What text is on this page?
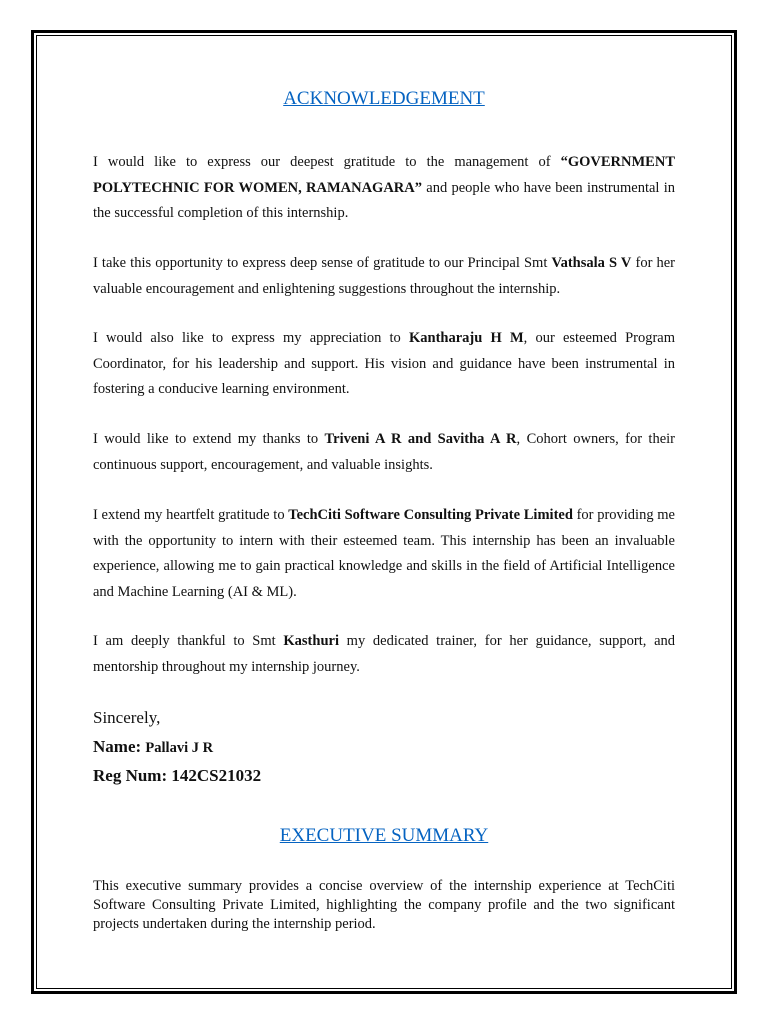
ACKNOWLEDGEMENT

I would like to express our deepest gratitude to the management of “GOVERNMENT POLYTECHNIC FOR WOMEN, RAMANAGARA” and people who have been instrumental in the successful completion of this internship.

I take this opportunity to express deep sense of gratitude to our Principal Smt Vathsala S V for her valuable encouragement and enlightening suggestions throughout the internship.

I would also like to express my appreciation to Kantharaju H M, our esteemed Program Coordinator, for his leadership and support. His vision and guidance have been instrumental in fostering a conducive learning environment.

I would like to extend my thanks to Triveni A R and Savitha A R, Cohort owners, for their continuous support, encouragement, and valuable insights.

I extend my heartfelt gratitude to TechCiti Software Consulting Private Limited for providing me with the opportunity to intern with their esteemed team. This internship has been an invaluable experience, allowing me to gain practical knowledge and skills in the field of Artificial Intelligence and Machine Learning (AI & ML).

I am deeply thankful to Smt Kasthuri my dedicated trainer, for her guidance, support, and mentorship throughout my internship journey.

Sincerely,

Name: Pallavi J R

Reg Num: 142CS21032

EXECUTIVE SUMMARY

This executive summary provides a concise overview of the internship experience at TechCiti Software Consulting Private Limited, highlighting the company profile and the two significant projects undertaken during the internship period.
